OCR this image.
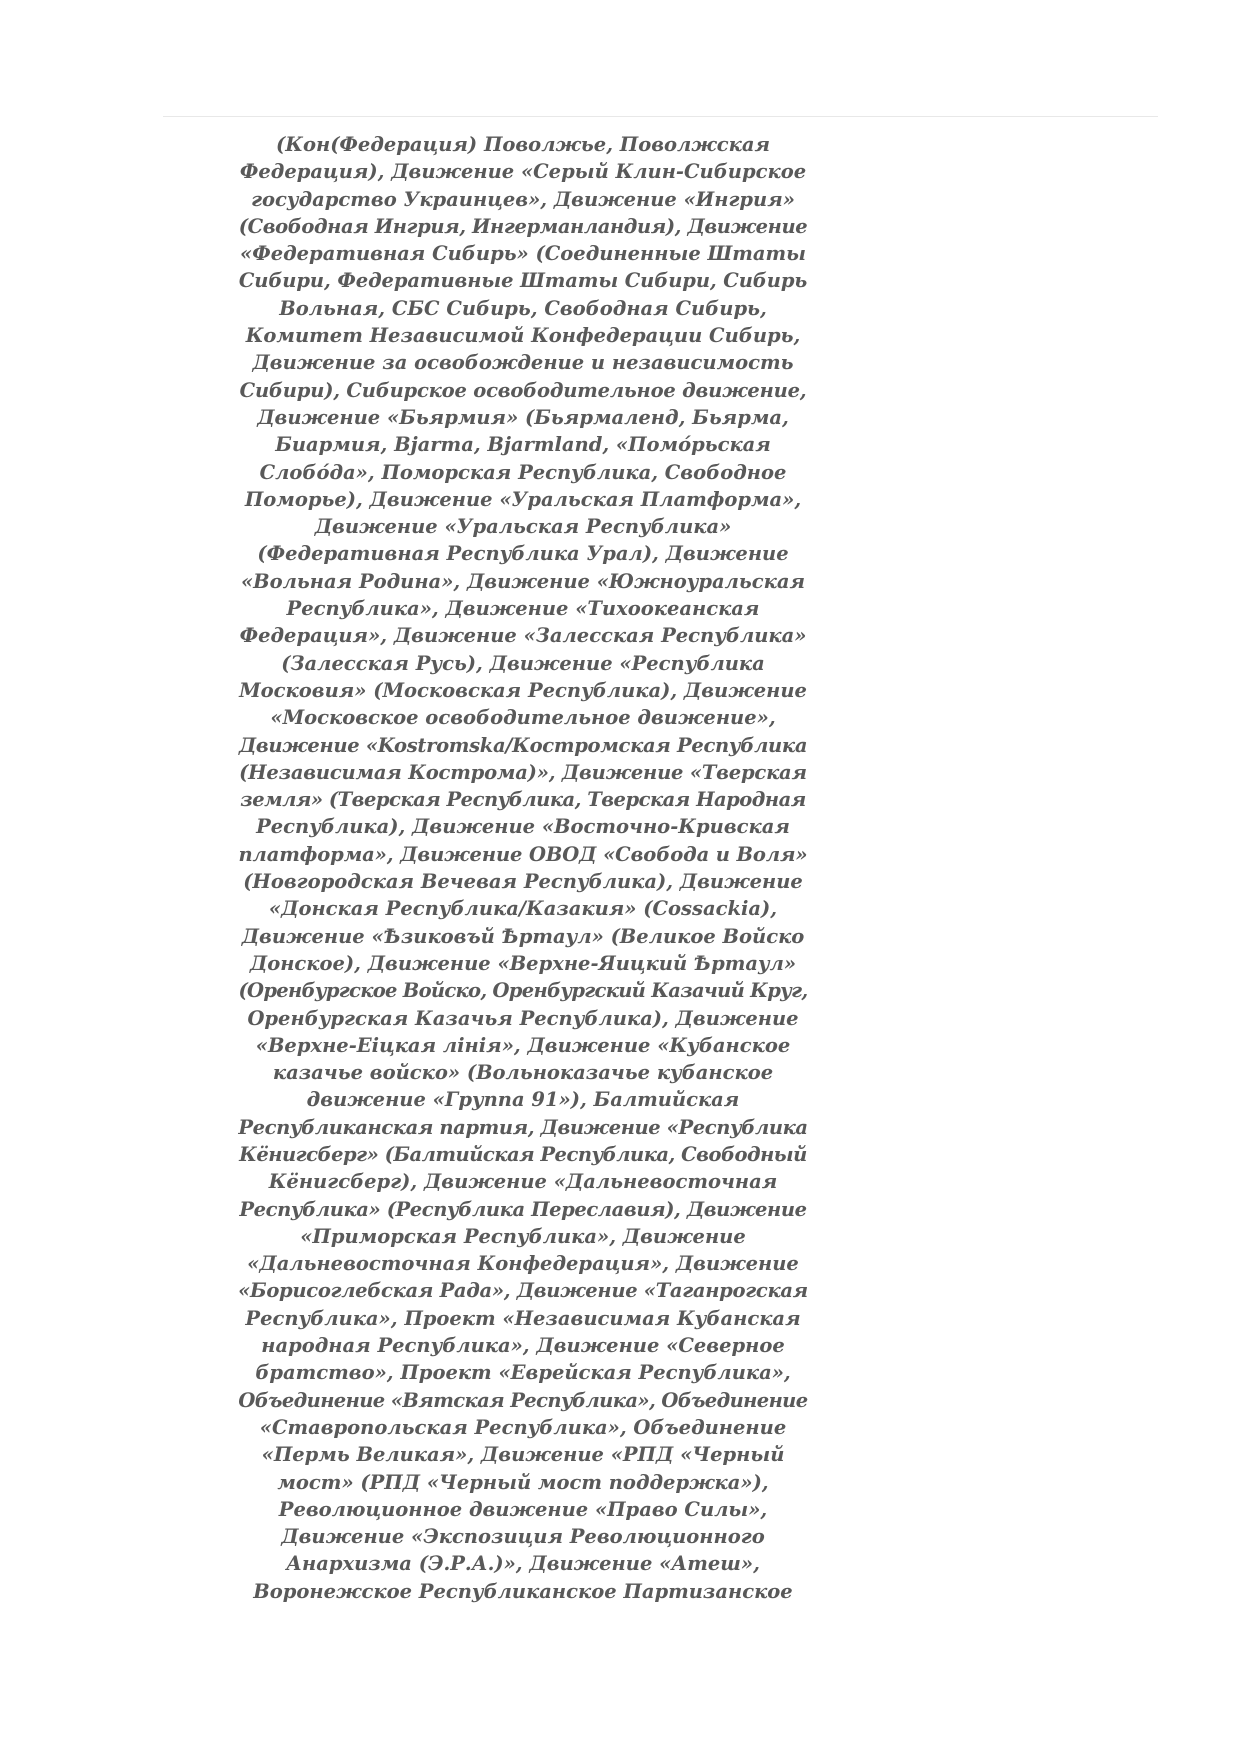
(Кон(Федерация) Поволжье, Поволжская
Федерация), Движение «Серый Клин-Сибирское
государство Украинцев», Движение «Ингрия»
(Свободная Ингрия, Ингерманландия), Движение
«Федеративная Сибирь» (Соединенные Штаты
Сибири, Федеративные Штаты Сибири, Сибирь
Вольная, СБС Сибирь, Свободная Сибирь,
Комитет Независимой Конфедерации Сибирь,
Движение за освобождение и независимость
Сибири), Сибирское освободительное движение,
Движение «Бьярмия» (Бьярмаленд, Бьярма,
Биармия, Bjarma, Bjarmland, «Помо́рьская
Слобо́да», Поморская Республика, Свободное
Поморье), Движение «Уральская Платформа»,
Движение «Уральская Республика»
(Федеративная Республика Урал), Движение
«Вольная Родина», Движение «Южноуральская
Республика», Движение «Тихоокеанская
Федерация», Движение «Залесская Республика»
(Залесская Русь), Движение «Республика
Московия» (Московская Республика), Движение
«Московское освободительное движение»,
Движение «Kostromska/Костромская Республика
(Независимая Кострома)», Движение «Тверская
земля» (Тверская Республика, Тверская Народная
Республика), Движение «Восточно-Кривская
платформа», Движение ОВОД «Свобода и Воля»
(Новгородская Вечевая Республика), Движение
«Донская Республика/Казакия» (Cossackia),
Движение «Ѣзиковъй Ѣртаул» (Великое Войско
Донское), Движение «Верхне-Яицкий Ѣртаул»
(Оренбургское Войско, Оренбургский Казачий Круг,
Оренбургская Казачья Республика), Движение
«Верхне-Еіцкая лінія», Движение «Кубанское
казачье войско» (Вольноказачье кубанское
движение «Группа 91»), Балтийская
Республиканская партия, Движение «Республика
Кёнигсберг» (Балтийская Республика, Свободный
Кёнигсберг), Движение «Дальневосточная
Республика» (Республика Переславия), Движение
«Приморская Республика», Движение
«Дальневосточная Конфедерация», Движение
«Борисоглебская Рада», Движение «Таганрогская
Республика», Проект «Независимая Кубанская
народная Республика», Движение «Северное
братство», Проект «Еврейская Республика»,
Объединение «Вятская Республика», Объединение
«Ставропольская Республика», Объединение
«Пермь Великая», Движение «РПД «Черный
мост» (РПД «Черный мост поддержка»),
Революционное движение «Право Силы»,
Движение «Экспозиция Революционного
Анархизма (Э.Р.А.)», Движение «Атеш»,
Воронежское Республиканское Партизанское
